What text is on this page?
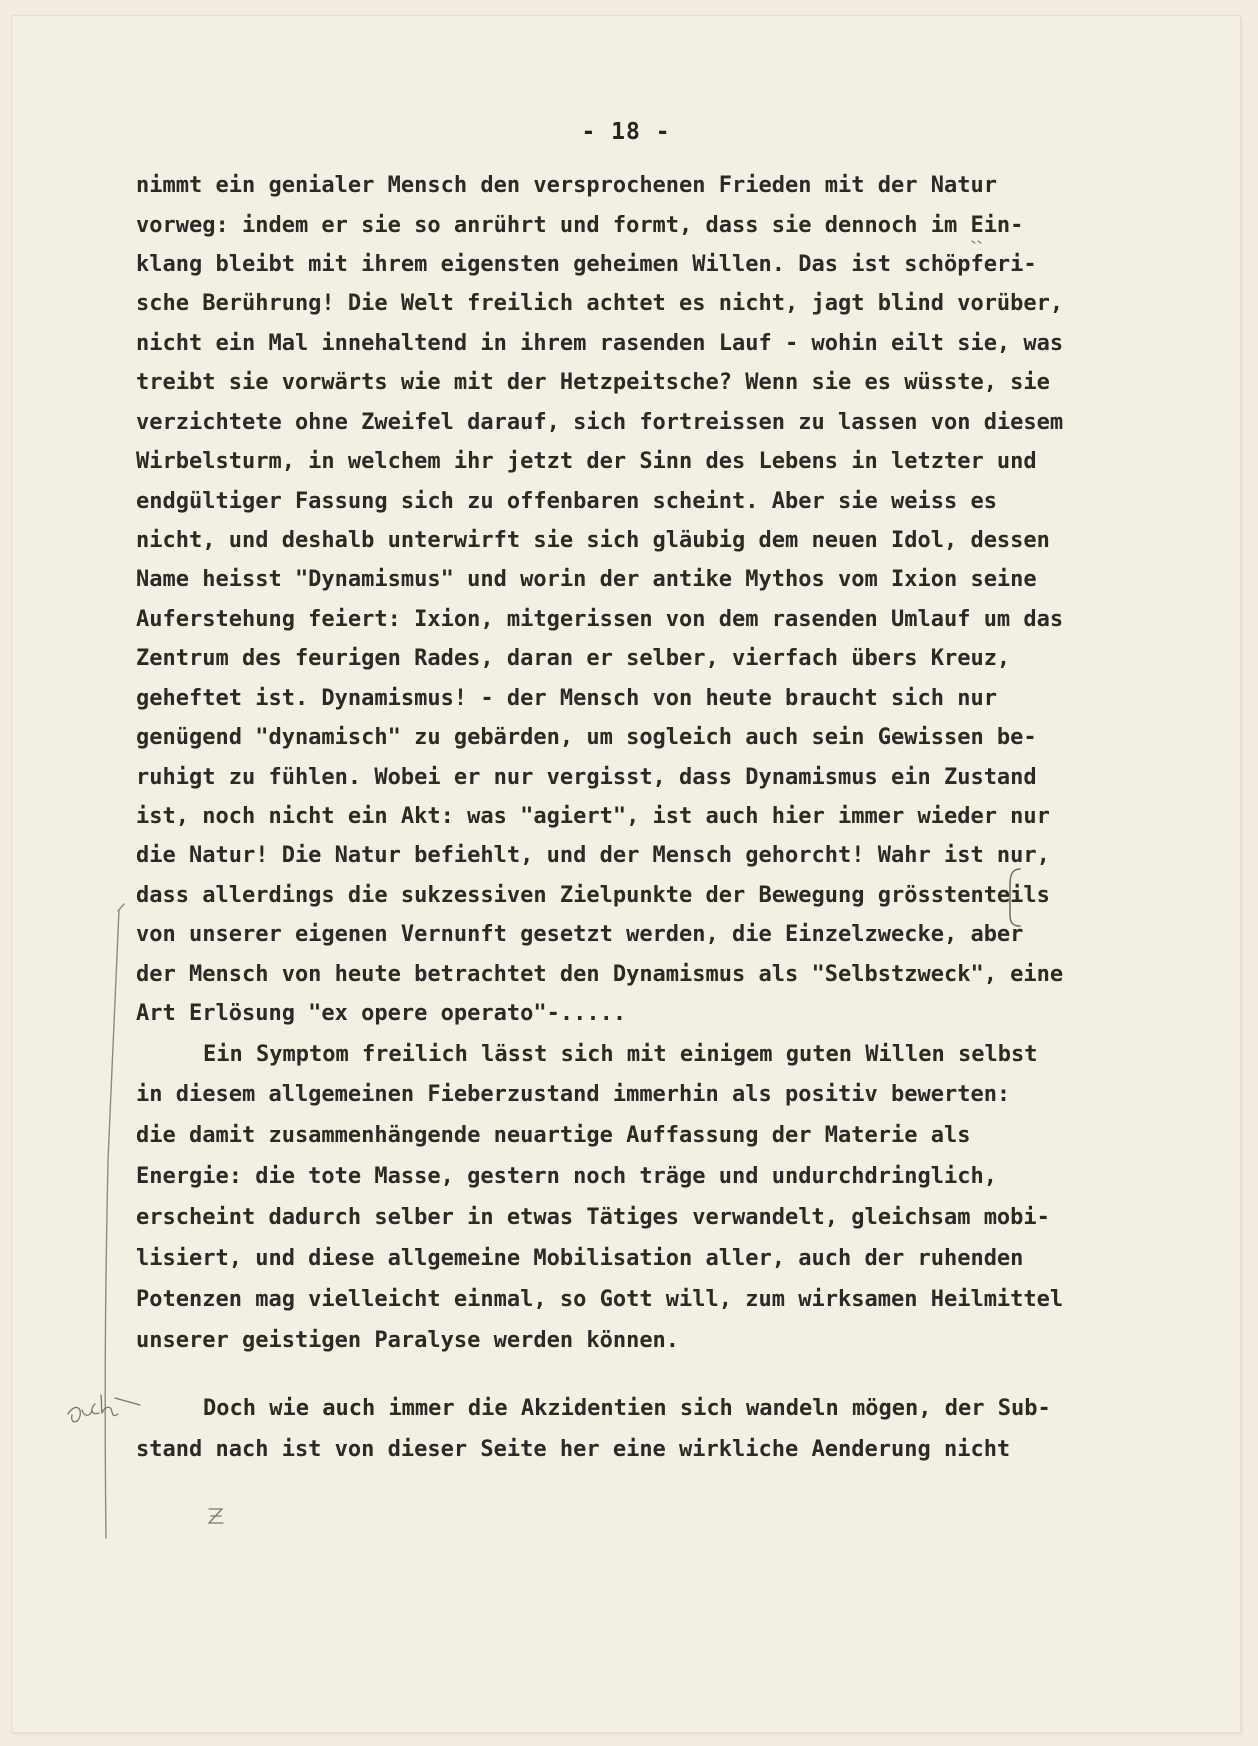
- 18 -
nimmt ein genialer Mensch den versprochenen Frieden mit der Natur
vorweg: indem er sie so anrührt und formt, dass sie dennoch im Ein-
klang bleibt mit ihrem eigensten geheimen Willen. Das ist schöpferi-
sche Berührung! Die Welt freilich achtet es nicht, jagt blind vorüber,
nicht ein Mal innehaltend in ihrem rasenden Lauf - wohin eilt sie, was
treibt sie vorwärts wie mit der Hetzpeitsche? Wenn sie es wüsste, sie
verzichtete ohne Zweifel darauf, sich fortreissen zu lassen von diesem
Wirbelsturm, in welchem ihr jetzt der Sinn des Lebens in letzter und
endgültiger Fassung sich zu offenbaren scheint. Aber sie weiss es
nicht, und deshalb unterwirft sie sich gläubig dem neuen Idol, dessen
Name heisst "Dynamismus" und worin der antike Mythos vom Ixion seine
Auferstehung feiert: Ixion, mitgerissen von dem rasenden Umlauf um das
Zentrum des feurigen Rades, daran er selber, vierfach übers Kreuz,
geheftet ist. Dynamismus! - der Mensch von heute braucht sich nur
genügend "dynamisch" zu gebärden, um sogleich auch sein Gewissen be-
ruhigt zu fühlen. Wobei er nur vergisst, dass Dynamismus ein Zustand
ist, noch nicht ein Akt: was "agiert", ist auch hier immer wieder nur
die Natur! Die Natur befiehlt, und der Mensch gehorcht! Wahr ist nur,
dass allerdings die sukzessiven Zielpunkte der Bewegung grösstenteils
von unserer eigenen Vernunft gesetzt werden, die Einzelzwecke, aber
der Mensch von heute betrachtet den Dynamismus als "Selbstzweck", eine
Art Erlösung "ex opere operato"-.....
Ein Symptom freilich lässt sich mit einigem guten Willen selbst
in diesem allgemeinen Fieberzustand immerhin als positiv bewerten:
die damit zusammenhängende neuartige Auffassung der Materie als
Energie: die tote Masse, gestern noch träge und undurchdringlich,
erscheint dadurch selber in etwas Tätiges verwandelt, gleichsam mobi-
lisiert, und diese allgemeine Mobilisation aller, auch der ruhenden
Potenzen mag vielleicht einmal, so Gott will, zum wirksamen Heilmittel
unserer geistigen Paralyse werden können.
Doch wie auch immer die Akzidentien sich wandeln mögen, der Sub-
stand nach ist von dieser Seite her eine wirkliche Aenderung nicht
